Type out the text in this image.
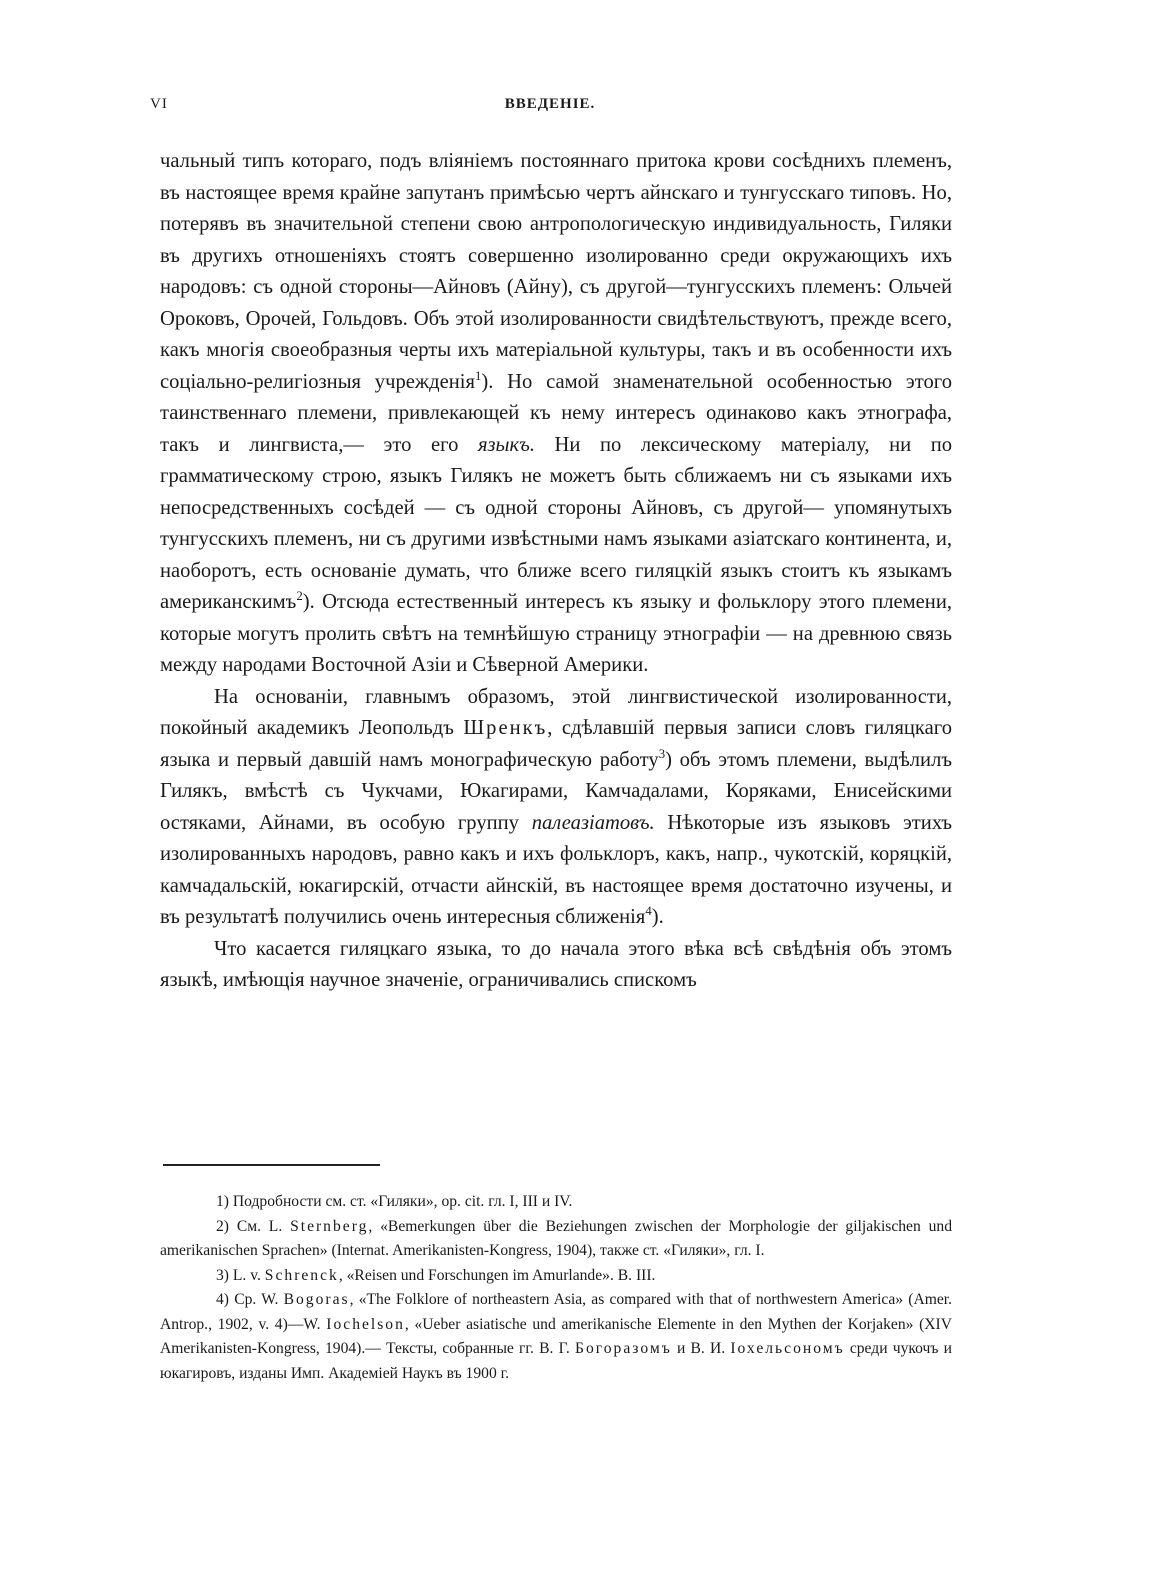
VI	ВВЕДЕНІЕ.

чальный типъ котораго, подъ вліяніемъ постояннаго притока крови сосѣднихъ племенъ, въ настоящее время крайне запутанъ примѣсью чертъ айнскаго и тунгусскаго типовъ. Но, потерявъ въ значительной степени свою антропологическую индивидуальность, Гиляки въ другихъ отношеніяхъ стоятъ совершенно изолированно среди окружающихъ ихъ народовъ: съ одной стороны—Айновъ (Айну), съ другой—тунгусскихъ племенъ: Ольчей Ороковъ, Орочей, Гольдовъ. Объ этой изолированности свидѣтельствуютъ, прежде всего, какъ многія своеобразныя черты ихъ матеріальной культуры, такъ и въ особенности ихъ соціально-религіозныя учрежденія$^1$). Но самой знаменательной особенностью этого таинственнаго племени, привлекающей къ нему интересъ одинаково какъ этнографа, такъ и лингвиста,— это его языкъ. Ни по лексическому матеріалу, ни по грамматическому строю, языкъ Гилякъ не можетъ быть сближаемъ ни съ языками ихъ непосредственныхъ сосѣдей — съ одной стороны Айновъ, съ другой— упомянутыхъ тунгусскихъ племенъ, ни съ другими извѣстными намъ языками азіатскаго континента, и, наоборотъ, есть основаніе думать, что ближе всего гиляцкій языкъ стоитъ къ языкамъ американскимъ$^2$). Отсюда естественный интересъ къ языку и фольклору этого племени, которые могутъ пролить свѣтъ на темнѣйшую страницу этнографіи — на древнюю связь между народами Восточной Азіи и Сѣверной Америки.

На основаніи, главнымъ образомъ, этой лингвистической изолированности, покойный академикъ Леопольдъ Шренкъ, сдѣлавшій первыя записи словъ гиляцкаго языка и первый давшій намъ монографическую работу$^3$) объ этомъ племени, выдѣлилъ Гилякъ, вмѣстѣ съ Чукчами, Юкагирами, Камчадалами, Коряками, Енисейскими остяками, Айнами, въ особую группу палеазіатовъ. Нѣкоторые изъ языковъ этихъ изолированныхъ народовъ, равно какъ и ихъ фольклоръ, какъ, напр., чукотскій, коряцкій, камчадальскій, юкагирскій, отчасти айнскій, въ настоящее время достаточно изучены, и въ результатѣ получились очень интересныя сближенія$^4$).

Что касается гиляцкаго языка, то до начала этого вѣка всѣ свѣдѣнія объ этомъ языкѣ, имѣющія научное значеніе, ограничивались спискомъ

1) Подробности см. ст. «Гиляки», op. cit. гл. I, III и IV.

2) См. L. Sternberg, «Bemerkungen über die Beziehungen zwischen der Morphologie der giljakischen und amerikanischen Sprachen» (Internat. Amerikanisten-Kongress, 1904), также ст. «Гиляки», гл. I.

3) L. v. Schrenck, «Reisen und Forschungen im Amurlande». B. III.

4) Cp. W. Bogoras, «The Folklore of northeastern Asia, as compared with that of northwestern America» (Amer. Antrop., 1902, v. 4)—W. Iochelson, «Ueber asiatische und amerikanische Elemente in den Mythen der Korjaken» (XIV Amerikanisten-Kongress, 1904).— Тексты, собранные гг. В. Г. Богоразомъ и В. И. Іохельсономъ среди чукочъ и юкагировъ, изданы Имп. Академіей Наукъ въ 1900 г.
